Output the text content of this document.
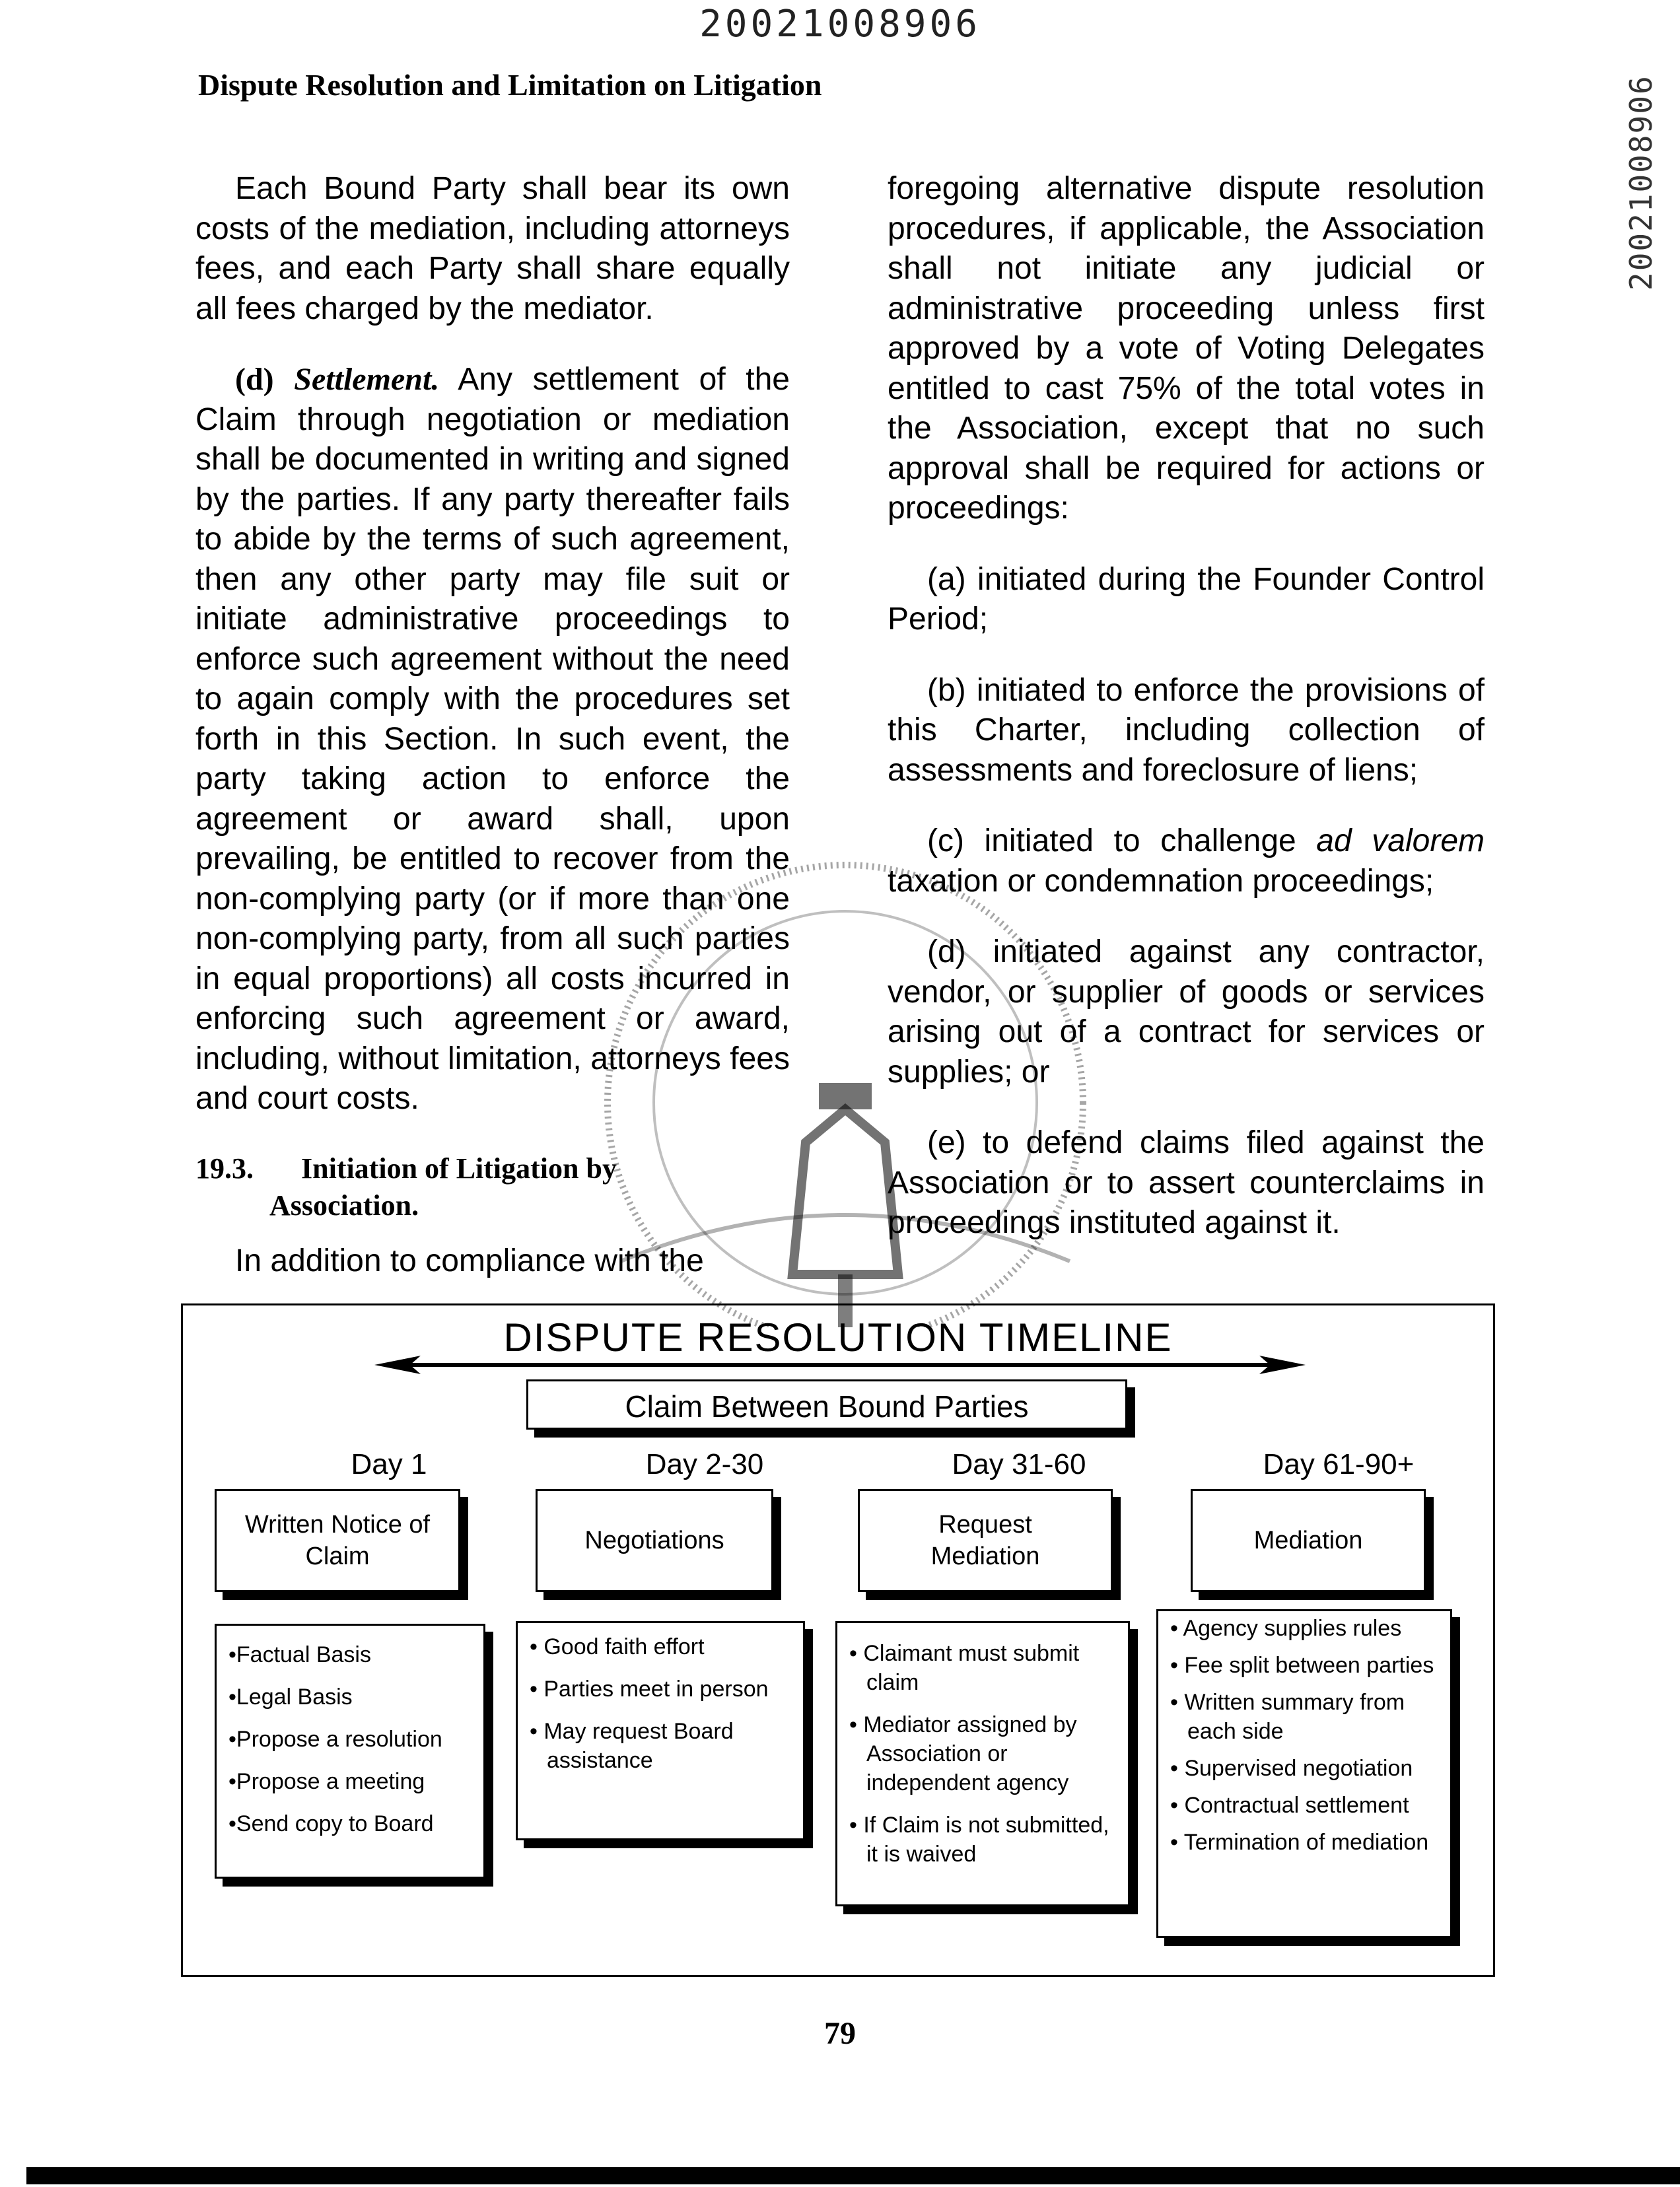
20021008906
20021008906
Dispute Resolution and Limitation on Litigation

Each Bound Party shall bear its own costs of the mediation, including attorneys fees, and each Party shall share equally all fees charged by the mediator.

(d) Settlement. Any settlement of the Claim through negotiation or mediation shall be documented in writing and signed by the parties. If any party thereafter fails to abide by the terms of such agreement, then any other party may file suit or initiate administrative proceedings to enforce such agreement without the need to again comply with the procedures set forth in this Section. In such event, the party taking action to enforce the agreement or award shall, upon prevailing, be entitled to recover from the non-complying party (or if more than one non-complying party, from all such parties in equal proportions) all costs incurred in enforcing such agreement or award, including, without limitation, attorneys fees and court costs.

19.3. Initiation of Litigation by
Association.

In addition to compliance with the

foregoing alternative dispute resolution procedures, if applicable, the Association shall not initiate any judicial or administrative proceeding unless first approved by a vote of Voting Delegates entitled to cast 75% of the total votes in the Association, except that no such approval shall be required for actions or proceedings:

(a) initiated during the Founder Control Period;

(b) initiated to enforce the provisions of this Charter, including collection of assessments and foreclosure of liens;

(c) initiated to challenge ad valorem taxation or condemnation proceedings;

(d) initiated against any contractor, vendor, or supplier of goods or services arising out of a contract for services or supplies; or

(e) to defend claims filed against the Association or to assert counterclaims in proceedings instituted against it.

DISPUTE RESOLUTION TIMELINE
Claim Between Bound Parties
Day 1	Day 2-30	Day 31-60	Day 61-90+
Written Notice of Claim
Negotiations
Request Mediation
Mediation
•Factual Basis
•Legal Basis
•Propose a resolution
•Propose a meeting
•Send copy to Board
• Good faith effort
• Parties meet in person
• May request Board assistance
• Claimant must submit claim
• Mediator assigned by Association or independent agency
• If Claim is not submitted, it is waived
• Agency supplies rules
• Fee split between parties
• Written summary from each side
• Supervised negotiation
• Contractual settlement
• Termination of mediation
79
